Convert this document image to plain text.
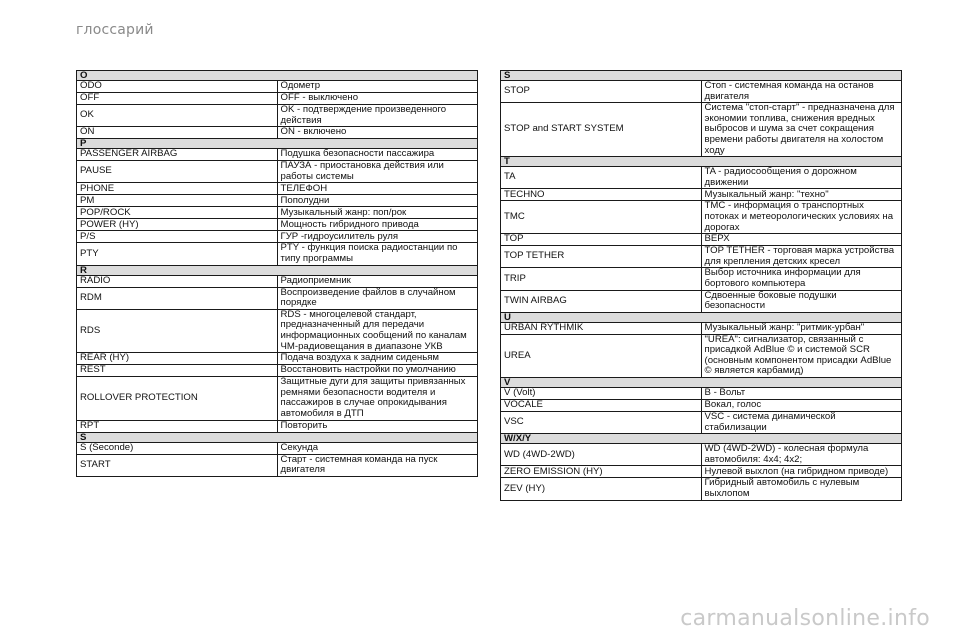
глоссарий
O	
ODO	Одометр
OFF	OFF - выключено
OK	OK - подтверждение произведенного действия
ON	ON - включено
P	
PASSENGER AIRBAG	Подушка безопасности пассажира
PAUSE	ПАУЗА - приостановка действия или работы системы
PHONE	ТЕЛЕФОН
PM	Пополудни
POP/ROCK	Музыкальный жанр: поп/рок
POWER (HY)	Мощность гибридного привода
P/S	ГУР -гидроусилитель руля
PTY	PTY - функция поиска радиостанции по типу программы
R	
RADIO	Радиоприемник
RDM	Воспроизведение файлов в случайном порядке
RDS	RDS - многоцелевой стандарт, предназначенный для передачи информационных сообщений по каналам ЧМ-радиовещания в диапазоне УКВ
REAR (HY)	Подача воздуха к задним сиденьям
REST	Восстановить настройки по умолчанию
ROLLOVER PROTECTION	Защитные дуги для защиты привязанных ремнями безопасности водителя и пассажиров в случае опрокидывания автомобиля в ДТП
RPT	Повторить
S	
S (Seconde)	Секунда
START	Старт - системная команда на пуск двигателя
S	
STOP	Стоп - системная команда на останов двигателя
STOP and START SYSTEM	Система "стоп-старт" - предназначена для экономии топлива, снижения вредных выбросов и шума за счет сокращения времени работы двигателя на холостом ходу
T	
TA	TA - радиосообщения о дорожном движении
TECHNO	Музыкальный жанр: "техно"
TMC	TMC - информация о транспортных потоках и метеорологических условиях на дорогах
TOP	ВЕРХ
TOP TETHER	TOP TETHER - торговая марка устройства для крепления детских кресел
TRIP	Выбор источника информации для бортового компьютера
TWIN AIRBAG	Сдвоенные боковые подушки безопасности
U	
URBAN RYTHMIK	Музыкальный жанр: "ритмик-урбан"
UREA	"UREA": сигнализатор, связанный с присадкой AdBlue © и системой SCR (основным компонентом присадки AdBlue © является карбамид)
V	
V (Volt)	В - Вольт
VOCALE	Вокал, голос
VSC	VSC - система динамической стабилизации
W/X/Y	
WD (4WD-2WD)	WD (4WD-2WD) - колесная формула автомобиля: 4x4; 4x2;
ZERO EMISSION (HY)	Нулевой выхлоп (на гибридном приводе)
ZEV (HY)	Гибридный автомобиль с нулевым выхлопом
carmanualsonline.info
